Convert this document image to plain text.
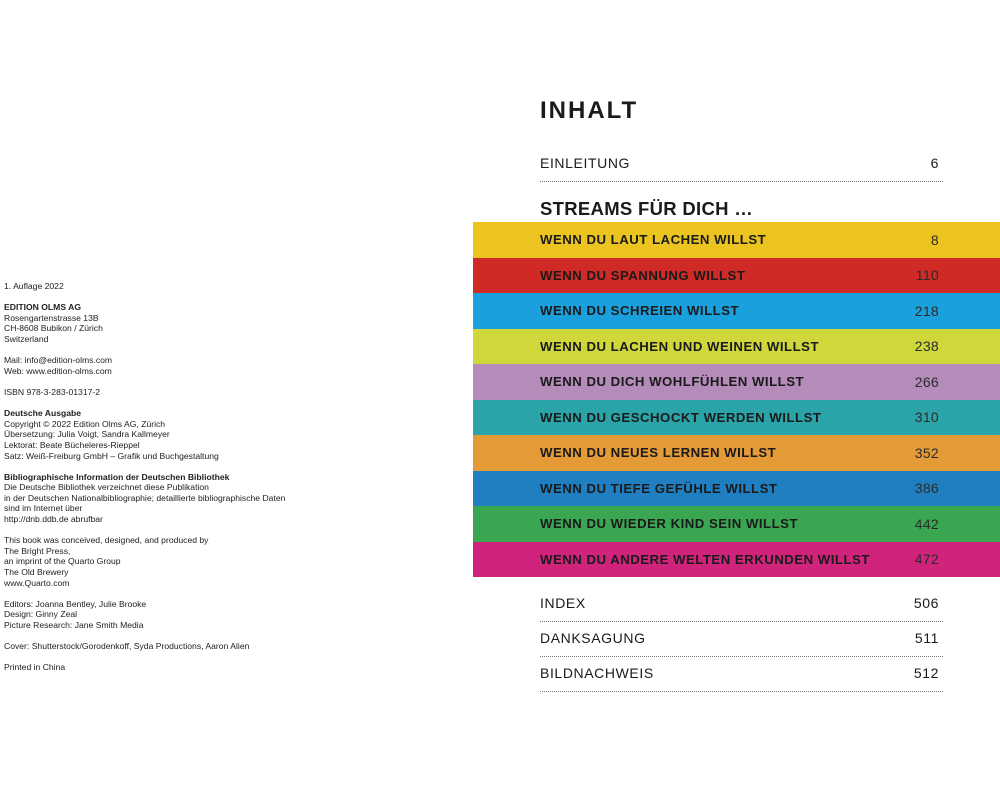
1. Auflage 2022
EDITION OLMS AG
Rosengartenstrasse 13B
CH-8608 Bubikon / Zürich
Switzerland
Mail: info@edition-olms.com
Web: www.edition-olms.com
ISBN 978-3-283-01317-2
Deutsche Ausgabe
Copyright © 2022 Edition Olms AG, Zürich
Übersetzung: Julia Voigt, Sandra Kallmeyer
Lektorat: Beate Bücheleres-Rieppel
Satz: Weiß-Freiburg GmbH – Grafik und Buchgestaltung
Bibliographische Information der Deutschen Bibliothek
Die Deutsche Bibliothek verzeichnet diese Publikation
in der Deutschen Nationalbibliographie; detaillierte bibliographische Daten
sind im Internet über
http://dnb.ddb.de abrufbar
This book was conceived, designed, and produced by
The Bright Press,
an imprint of the Quarto Group
The Old Brewery
www.Quarto.com
Editors: Joanna Bentley, Julie Brooke
Design: Ginny Zeal
Picture Research: Jane Smith Media
Cover: Shutterstock/Gorodenkoff, Syda Productions, Aaron Alien
Printed in China
INHALT
EINLEITUNG	6
STREAMS FÜR DICH …
WENN DU LAUT LACHEN WILLST	8
WENN DU SPANNUNG WILLST	110
WENN DU SCHREIEN WILLST	218
WENN DU LACHEN UND WEINEN WILLST	238
WENN DU DICH WOHLFÜHLEN WILLST	266
WENN DU GESCHOCKT WERDEN WILLST	310
WENN DU NEUES LERNEN WILLST	352
WENN DU TIEFE GEFÜHLE WILLST	386
WENN DU WIEDER KIND SEIN WILLST	442
WENN DU ANDERE WELTEN ERKUNDEN WILLST	472
INDEX	506
DANKSAGUNG	511
BILDNACHWEIS	512
